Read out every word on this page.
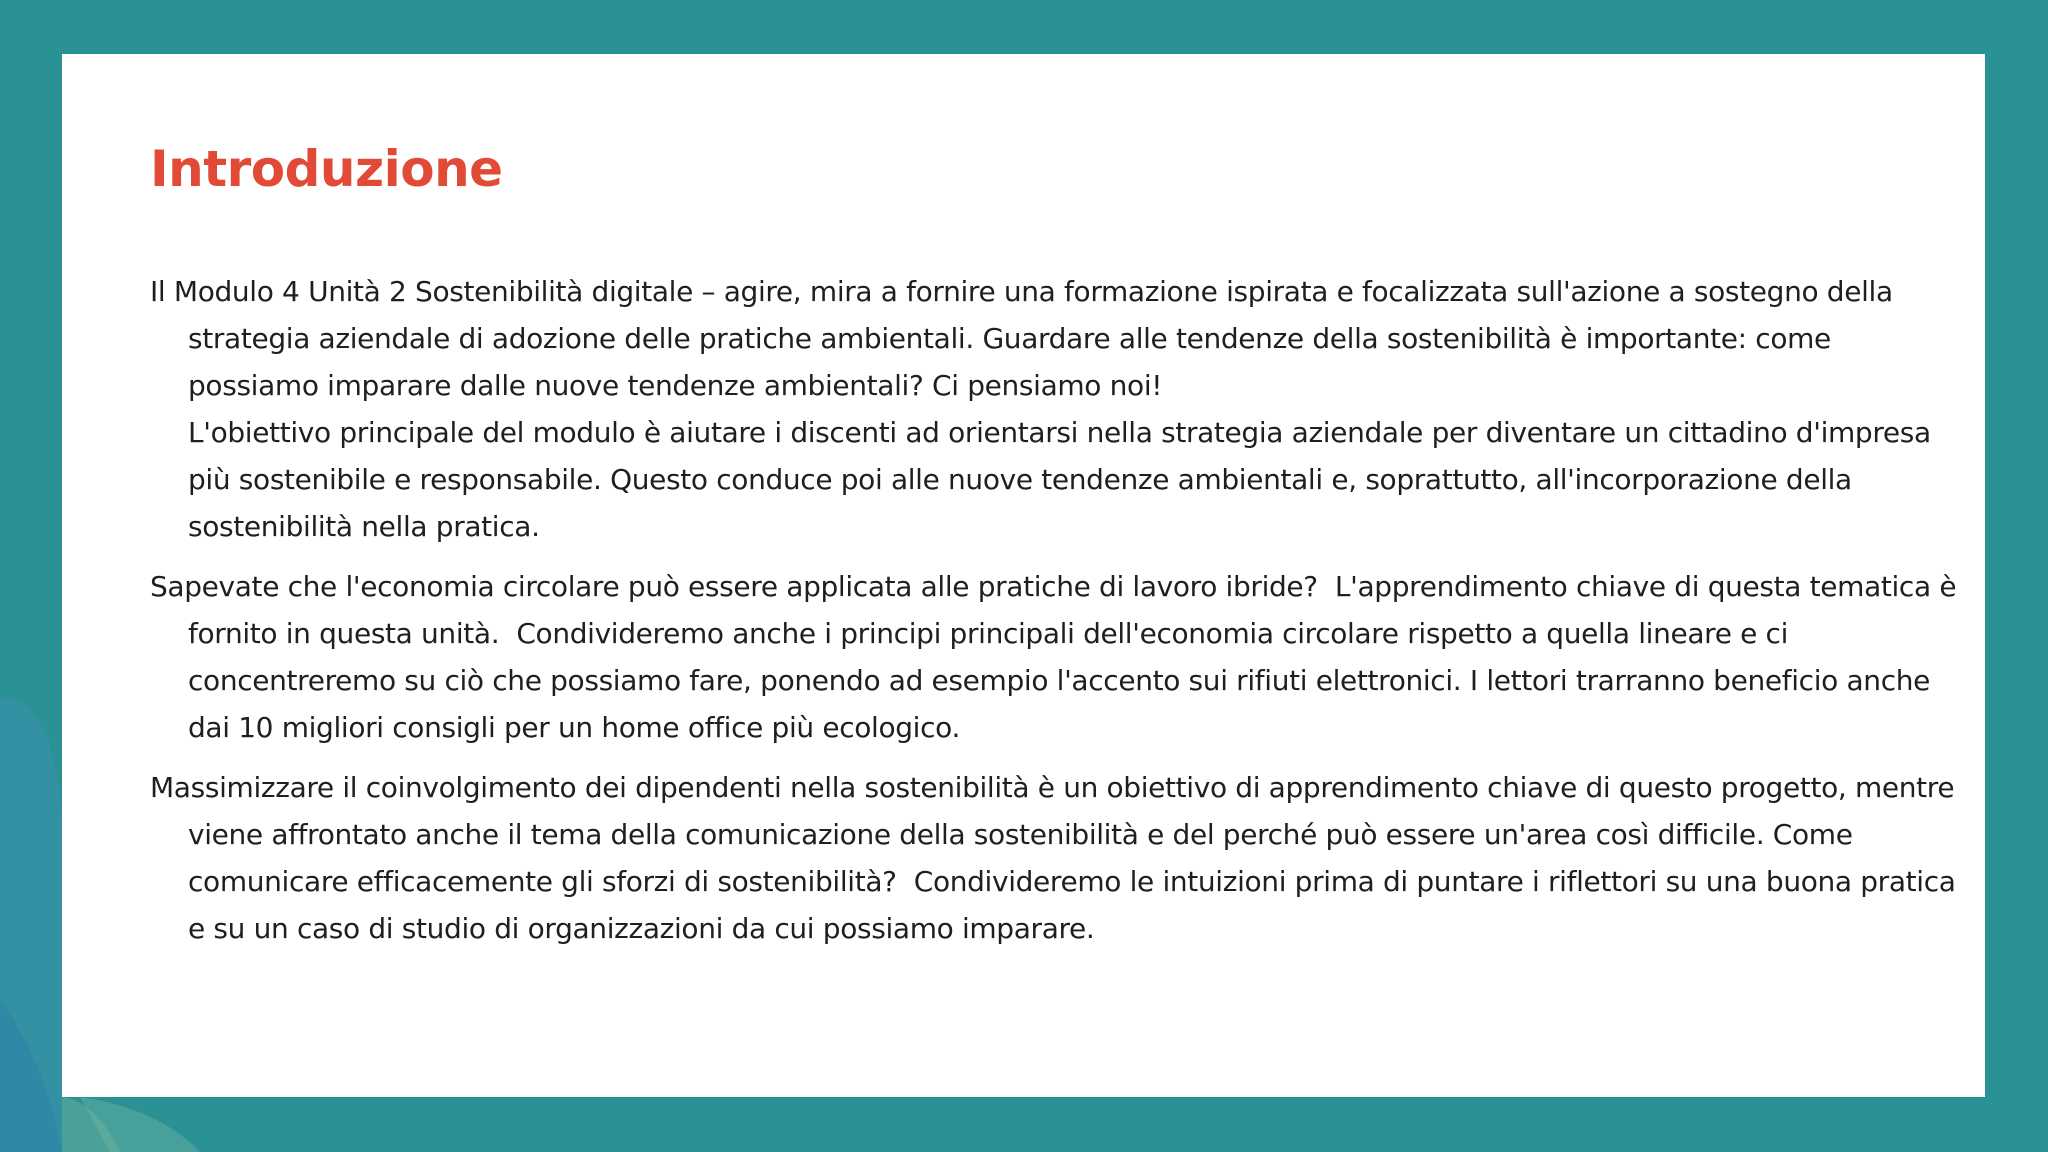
Introduzione

Il Modulo 4 Unità 2 Sostenibilità digitale – agire, mira a fornire una formazione ispirata e focalizzata sull'azione a sostegno della strategia aziendale di adozione delle pratiche ambientali. Guardare alle tendenze della sostenibilità è importante: come possiamo imparare dalle nuove tendenze ambientali? Ci pensiamo noi!
L'obiettivo principale del modulo è aiutare i discenti ad orientarsi nella strategia aziendale per diventare un cittadino d'impresa più sostenibile e responsabile. Questo conduce poi alle nuove tendenze ambientali e, soprattutto, all'incorporazione della sostenibilità nella pratica.

Sapevate che l'economia circolare può essere applicata alle pratiche di lavoro ibride?  L'apprendimento chiave di questa tematica è fornito in questa unità.  Condivideremo anche i principi principali dell'economia circolare rispetto a quella lineare e ci concentreremo su ciò che possiamo fare, ponendo ad esempio l'accento sui rifiuti elettronici. I lettori trarranno beneficio anche dai 10 migliori consigli per un home office più ecologico.

Massimizzare il coinvolgimento dei dipendenti nella sostenibilità è un obiettivo di apprendimento chiave di questo progetto, mentre viene affrontato anche il tema della comunicazione della sostenibilità e del perché può essere un'area così difficile. Come comunicare efficacemente gli sforzi di sostenibilità?  Condivideremo le intuizioni prima di puntare i riflettori su una buona pratica e su un caso di studio di organizzazioni da cui possiamo imparare.
